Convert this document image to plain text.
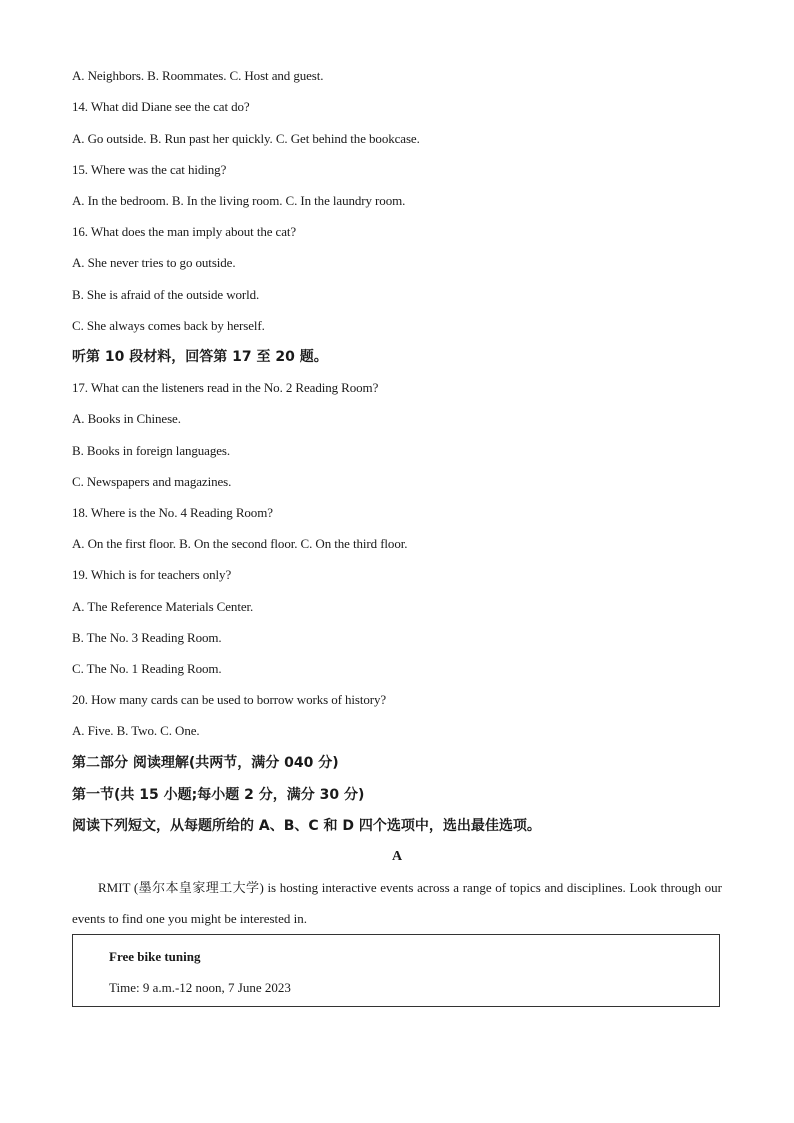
A. Neighbors. B. Roommates. C. Host and guest.
14. What did Diane see the cat do?
A. Go outside. B. Run past her quickly. C. Get behind the bookcase.
15. Where was the cat hiding?
A. In the bedroom. B. In the living room. C. In the laundry room.
16. What does the man imply about the cat?
A. She never tries to go outside.
B. She is afraid of the outside world.
C. She always comes back by herself.
听第 10 段材料，回答第 17 至 20 题。
17. What can the listeners read in the No. 2 Reading Room?
A. Books in Chinese.
B. Books in foreign languages.
C. Newspapers and magazines.
18. Where is the No. 4 Reading Room?
A. On the first floor. B. On the second floor. C. On the third floor.
19. Which is for teachers only?
A. The Reference Materials Center.
B. The No. 3 Reading Room.
C. The No. 1 Reading Room.
20. How many cards can be used to borrow works of history?
A. Five. B. Two. C. One.
第二部分 阅读理解(共两节，满分 040 分)
第一节(共 15 小题;每小题 2 分，满分 30 分)
阅读下列短文，从每题所给的 A、B、C 和 D 四个选项中，选出最佳选项。
A
RMIT (墨尔本皇家理工大学) is hosting interactive events across a range of topics and disciplines. Look through our events to find one you might be interested in.
Free bike tuning
Time: 9 a.m.-12 noon, 7 June 2023
